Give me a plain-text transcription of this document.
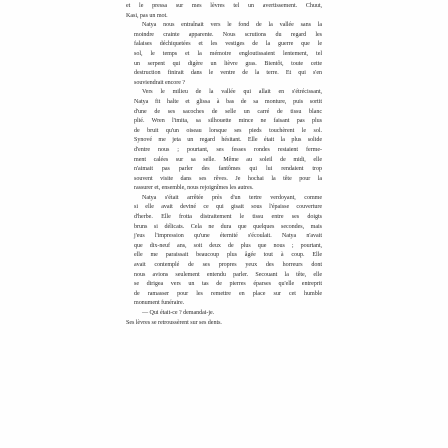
et le pressa sur mes lèvres tel un avertissement. Chuut,
Kasi, pas un mot.

Natya nous entraînait vers le fond de la vallée sans la
moindre crainte apparente. Nous scrutions du regard les
falaises déchiquetées et les vestiges de la guerre que le
sol, le temps et la mémoire engloutissaient lentement, tel
un serpent qui digère un lièvre gras. Bientôt, toute cette
destruction finirait dans le ventre de la terre. Et qui s'en
souviendrait encore ?

Vers le milieu de la vallée qui allait en s'étrécissant,
Natya fit halte et glissa à bas de sa monture, puis sortit
d'une de ses sacoches de selle un carré de tissu blanc
plié. Wren l'imita, sa silhouette mince ne faisant pas plus
de bruit qu'un oiseau lorsque ses pieds touchèrent le sol.
Synové me jeta un regard hésitant. Elle était la plus solide
d'entre nous ; pourtant, ses fesses rondes restaient ferme-
ment calées sur sa selle. Même au soleil de midi, elle
n'aimait pas parler des fantômes qui lui rendaient trop
souvent visite dans ses rêves. Je hochai la tête pour la
rassurer et, ensemble, nous rejoignîmes les autres.

Natya s'était arrêtée près d'un tertre verdoyant, comme
si elle avait deviné ce qui gisait sous l'épaisse couverture
d'herbe. Elle frotta distraitement le tissu entre ses doigts
bruns si délicats. Cela ne dura que quelques secondes, mais
j'eus l'impression qu'une éternité s'écoulait. Natya n'avait
que dix-neuf ans, soit deux de plus que nous ; pourtant,
elle me paraissait beaucoup plus âgée tout à coup. Elle
avait contemplé de ses propres yeux des horreurs dont
nous avions seulement entendu parler. Secouant la tête, elle
se dirigea vers un tas de pierres éparses qu'elle entreprit
de ramasser pour les remettre en place sur cet humble
monument funéraire.

— Qui était-ce ? demandai-je.

Ses lèvres se retroussèrent sur ses dents.
